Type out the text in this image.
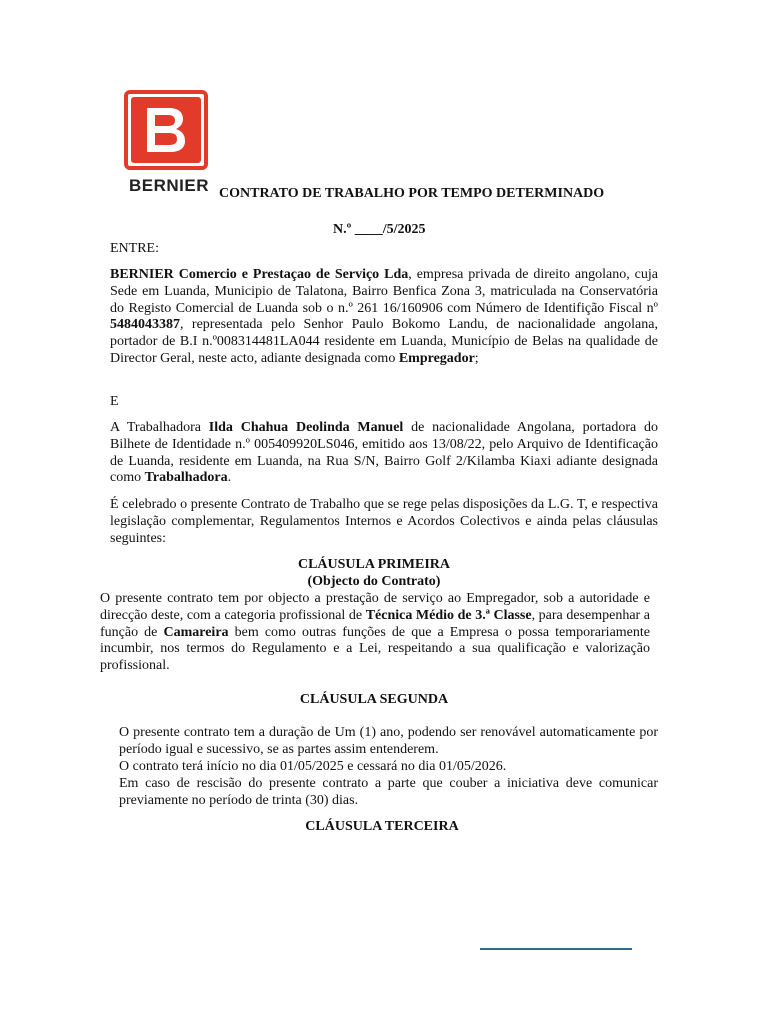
BERNIER CONTRATO DE TRABALHO POR TEMPO DETERMINADO
N.º ____/5/2025
ENTRE:
BERNIER Comercio e Prestaçao de Serviço Lda, empresa privada de direito angolano, cuja Sede em Luanda, Municipio de Talatona, Bairro Benfica Zona 3, matriculada na Conservatória do Registo Comercial de Luanda sob o n.º 261 16/160906 com Número de Identifição Fiscal nº 5484043387, representada pelo Senhor Paulo Bokomo Landu, de nacionalidade angolana, portador de B.I n.º008314481LA044 residente em Luanda, Município de Belas na qualidade de Director Geral, neste acto, adiante designada como Empregador;
E
A Trabalhadora Ilda Chahua Deolinda Manuel de nacionalidade Angolana, portadora do Bilhete de Identidade n.º 005409920LS046, emitido aos 13/08/22, pelo Arquivo de Identificação de Luanda, residente em Luanda, na Rua S/N, Bairro Golf 2/Kilamba Kiaxi adiante designada como Trabalhadora.
É celebrado o presente Contrato de Trabalho que se rege pelas disposições da L.G. T, e respectiva legislação complementar, Regulamentos Internos e Acordos Colectivos e ainda pelas cláusulas seguintes:
CLÁUSULA PRIMEIRA
(Objecto do Contrato)
O presente contrato tem por objecto a prestação de serviço ao Empregador, sob a autoridade e direcção deste, com a categoria profissional de Técnica Médio de 3.ª Classe, para desempenhar a função de Camareira bem como outras funções de que a Empresa o possa temporariamente incumbir, nos termos do Regulamento e a Lei, respeitando a sua qualificação e valorização profissional.
CLÁUSULA SEGUNDA
O presente contrato tem a duração de Um (1) ano, podendo ser renovável automaticamente por período igual e sucessivo, se as partes assim entenderem.
O contrato terá início no dia 01/05/2025 e cessará no dia 01/05/2026.
Em caso de rescisão do presente contrato a parte que couber a iniciativa deve comunicar previamente no período de trinta (30) dias.
CLÁUSULA TERCEIRA
